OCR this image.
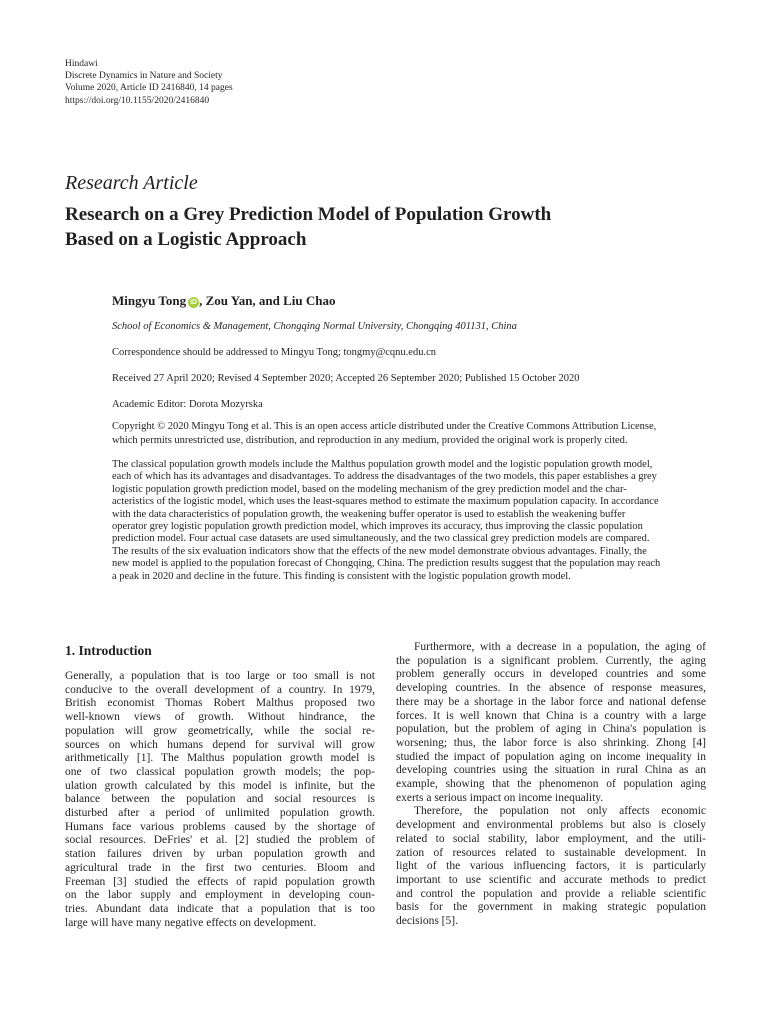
Hindawi
Discrete Dynamics in Nature and Society
Volume 2020, Article ID 2416840, 14 pages
https://doi.org/10.1155/2020/2416840
Research Article
Research on a Grey Prediction Model of Population Growth
Based on a Logistic Approach
Mingyu Tong iD , Zou Yan, and Liu Chao
School of Economics & Management, Chongqing Normal University, Chongqing 401131, China
Correspondence should be addressed to Mingyu Tong; tongmy@cqnu.edu.cn
Received 27 April 2020; Revised 4 September 2020; Accepted 26 September 2020; Published 15 October 2020
Academic Editor: Dorota Mozyrska
Copyright © 2020 Mingyu Tong et al. This is an open access article distributed under the Creative Commons Attribution License,
which permits unrestricted use, distribution, and reproduction in any medium, provided the original work is properly cited.
The classical population growth models include the Malthus population growth model and the logistic population growth model,
each of which has its advantages and disadvantages. To address the disadvantages of the two models, this paper establishes a grey
logistic population growth prediction model, based on the modeling mechanism of the grey prediction model and the char-
acteristics of the logistic model, which uses the least-squares method to estimate the maximum population capacity. In accordance
with the data characteristics of population growth, the weakening buffer operator is used to establish the weakening buffer
operator grey logistic population growth prediction model, which improves its accuracy, thus improving the classic population
prediction model. Four actual case datasets are used simultaneously, and the two classical grey prediction models are compared.
The results of the six evaluation indicators show that the effects of the new model demonstrate obvious advantages. Finally, the
new model is applied to the population forecast of Chongqing, China. The prediction results suggest that the population may reach
a peak in 2020 and decline in the future. This finding is consistent with the logistic population growth model.
1. Introduction
Generally, a population that is too large or too small is not
conducive to the overall development of a country. In 1979,
British economist Thomas Robert Malthus proposed two
well-known views of growth. Without hindrance, the
population will grow geometrically, while the social re-
sources on which humans depend for survival will grow
arithmetically [1]. The Malthus population growth model is
one of two classical population growth models; the pop-
ulation growth calculated by this model is infinite, but the
balance between the population and social resources is
disturbed after a period of unlimited population growth.
Humans face various problems caused by the shortage of
social resources. DeFries' et al. [2] studied the problem of
station failures driven by urban population growth and
agricultural trade in the first two centuries. Bloom and
Freeman [3] studied the effects of rapid population growth
on the labor supply and employment in developing coun-
tries. Abundant data indicate that a population that is too
large will have many negative effects on development.
Furthermore, with a decrease in a population, the aging of
the population is a significant problem. Currently, the aging
problem generally occurs in developed countries and some
developing countries. In the absence of response measures,
there may be a shortage in the labor force and national defense
forces. It is well known that China is a country with a large
population, but the problem of aging in China's population is
worsening; thus, the labor force is also shrinking. Zhong [4]
studied the impact of population aging on income inequality in
developing countries using the situation in rural China as an
example, showing that the phenomenon of population aging
exerts a serious impact on income inequality.
Therefore, the population not only affects economic
development and environmental problems but also is closely
related to social stability, labor employment, and the utili-
zation of resources related to sustainable development. In
light of the various influencing factors, it is particularly
important to use scientific and accurate methods to predict
and control the population and provide a reliable scientific
basis for the government in making strategic population
decisions [5].
